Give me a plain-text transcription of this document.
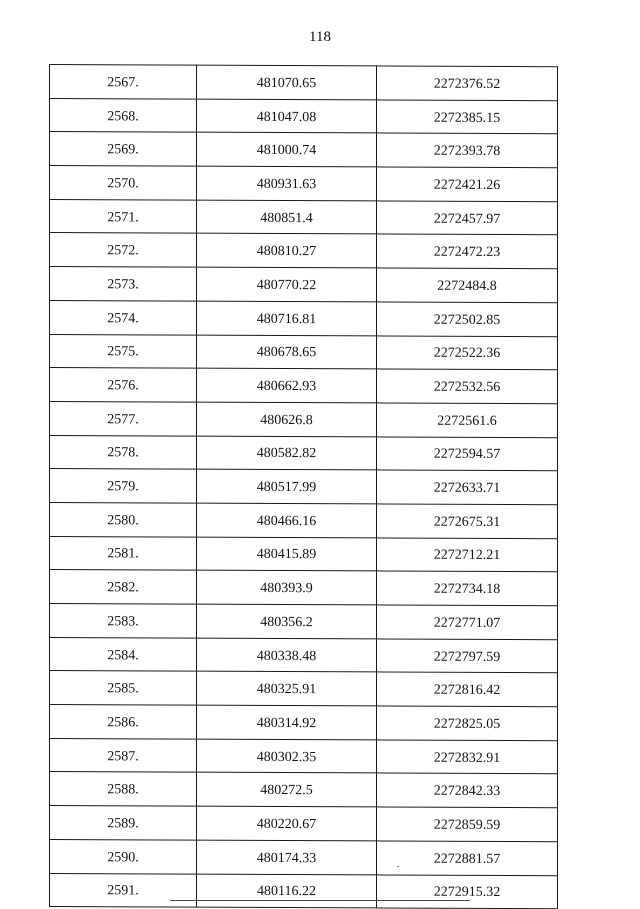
118
2567.	481070.65	2272376.52
2568.	481047.08	2272385.15
2569.	481000.74	2272393.78
2570.	480931.63	2272421.26
2571.	480851.4	2272457.97
2572.	480810.27	2272472.23
2573.	480770.22	2272484.8
2574.	480716.81	2272502.85
2575.	480678.65	2272522.36
2576.	480662.93	2272532.56
2577.	480626.8	2272561.6
2578.	480582.82	2272594.57
2579.	480517.99	2272633.71
2580.	480466.16	2272675.31
2581.	480415.89	2272712.21
2582.	480393.9	2272734.18
2583.	480356.2	2272771.07
2584.	480338.48	2272797.59
2585.	480325.91	2272816.42
2586.	480314.92	2272825.05
2587.	480302.35	2272832.91
2588.	480272.5	2272842.33
2589.	480220.67	2272859.59
2590.	480174.33	2272881.57
2591.	480116.22	2272915.32
